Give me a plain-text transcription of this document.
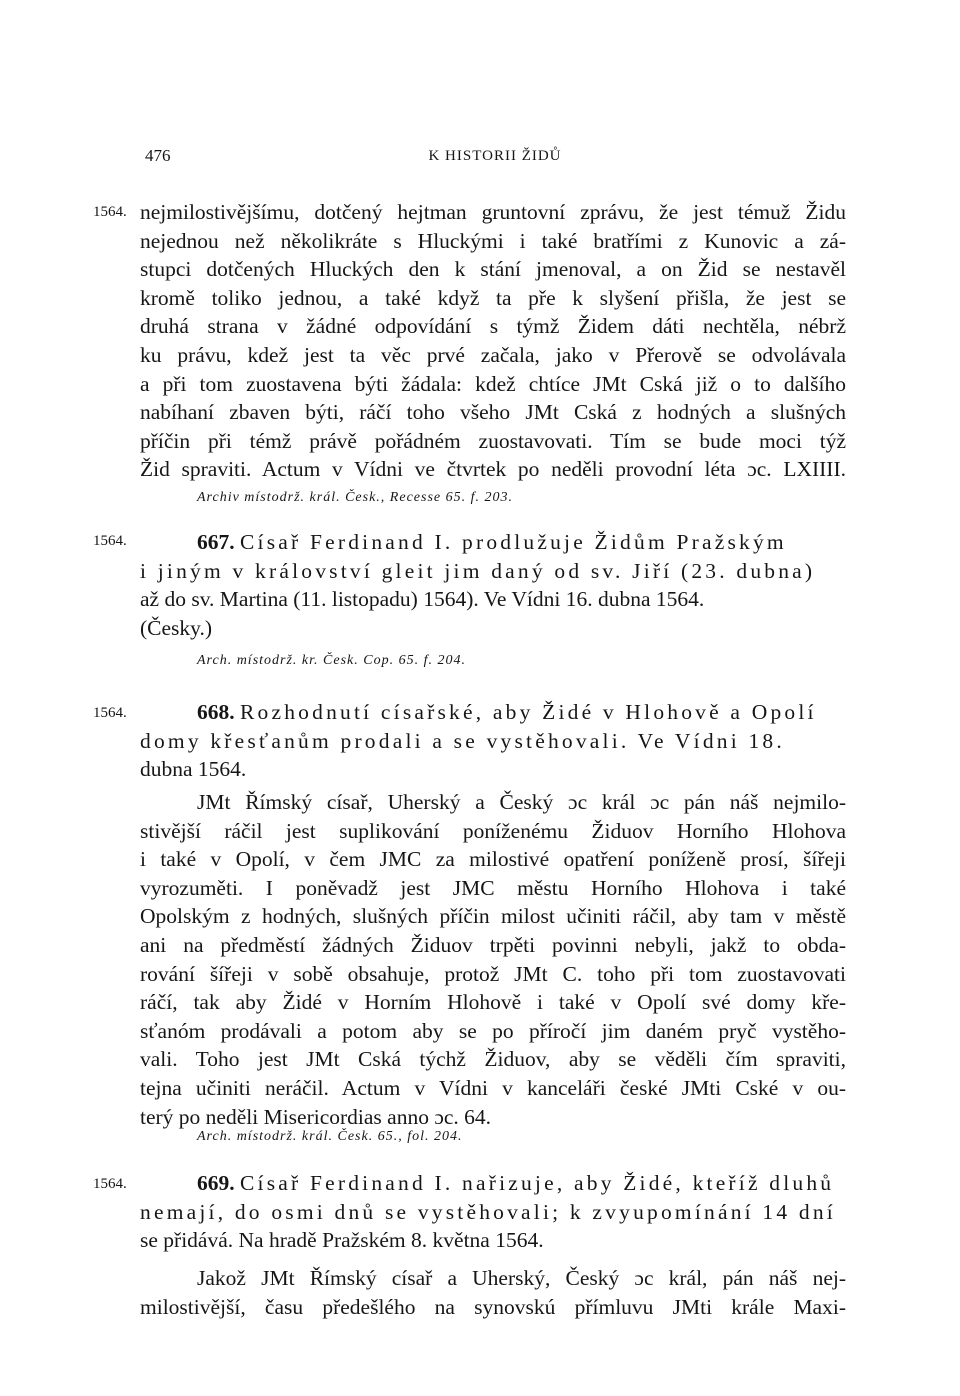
476	K HISTORII ŽIDŮ
1564. nejmilostivějšímu, dotčený hejtman gruntovní zprávu, že jest témuž Židu
nejednou než několikráte s Hluckými i také bratřími z Kunovic a zá-
stupci dotčených Hluckých den k stání jmenoval, a on Žid se nestavěl
kromě toliko jednou, a také když ta pře k slyšení přišla, že jest se
druhá strana v žádné odpovídání s týmž Židem dáti nechtěla, nébrž
ku právu, kdež jest ta věc prvé začala, jako v Přerově se odvolávala
a při tom zuostavena býti žádala: kdež chtíce JMt Cská již o to dalšího
nabíhaní zbaven býti, ráčí toho všeho JMt Cská z hodných a slušných
příčin při témž právě pořádném zuostavovati. Tím se bude moci týž
Žid spraviti. Actum v Vídni ve čtvrtek po neděli provodní léta ɔc. LXIIII.

Archiv místodrž. král. Česk., Recesse 65. f. 203.
1564.	667. Císař Ferdinand I. prodlužuje Židům Pražským

i jiným v království gleit jim daný od sv. Jiří (23. dubna)

až do sv. Martina (11. listopadu) 1564). Ve Vídni 16. dubna 1564.

(Česky.)

Arch. místodrž. kr. Česk. Cop. 65. f. 204.
1564.	668. Rozhodnutí císařské, aby Židé v Hlohově a Opolí

domy křesťanům prodali a se vystěhovali. Ve Vídni 18.

dubna 1564.

JMt Římský císař, Uherský a Český ɔc král ɔc pán náš nejmilo-
stivější ráčil jest suplikování poníženému Židuov Horního Hlohova
i také v Opolí, v čem JMC za milostivé opatření poníženě prosí, šířeji
vyrozuměti. I poněvadž jest JMC městu Horního Hlohova i také
Opolským z hodných, slušných příčin milost učiniti ráčil, aby tam v městě
ani na předměstí žádných Židuov trpěti povinni nebyli, jakž to obda-
rování šířeji v sobě obsahuje, protož JMt C. toho při tom zuostavovati
ráčí, tak aby Židé v Horním Hlohově i také v Opolí své domy kře-
sťanóm prodávali a potom aby se po příročí jim daném pryč vystěho-
vali. Toho jest JMt Cská týchž Židuov, aby se věděli čím spraviti,
tejna učiniti neráčil. Actum v Vídni v kanceláři české JMti Cské v ou-
terý po neděli Misericordias anno ɔc. 64.

Arch. místodrž. král. Česk. 65., fol. 204.
1564.	669. Císař Ferdinand I. nařizuje, aby Židé, kteříž dluhů

nemají, do osmi dnů se vystěhovali; k zvyupomínání 14 dní

se přidává. Na hradě Pražském 8. května 1564.

Jakož JMt Římský císař a Uherský, Český ɔc král, pán náš nej-
milostivější, času předešlého na synovskú přímluvu JMti krále Maxi-
